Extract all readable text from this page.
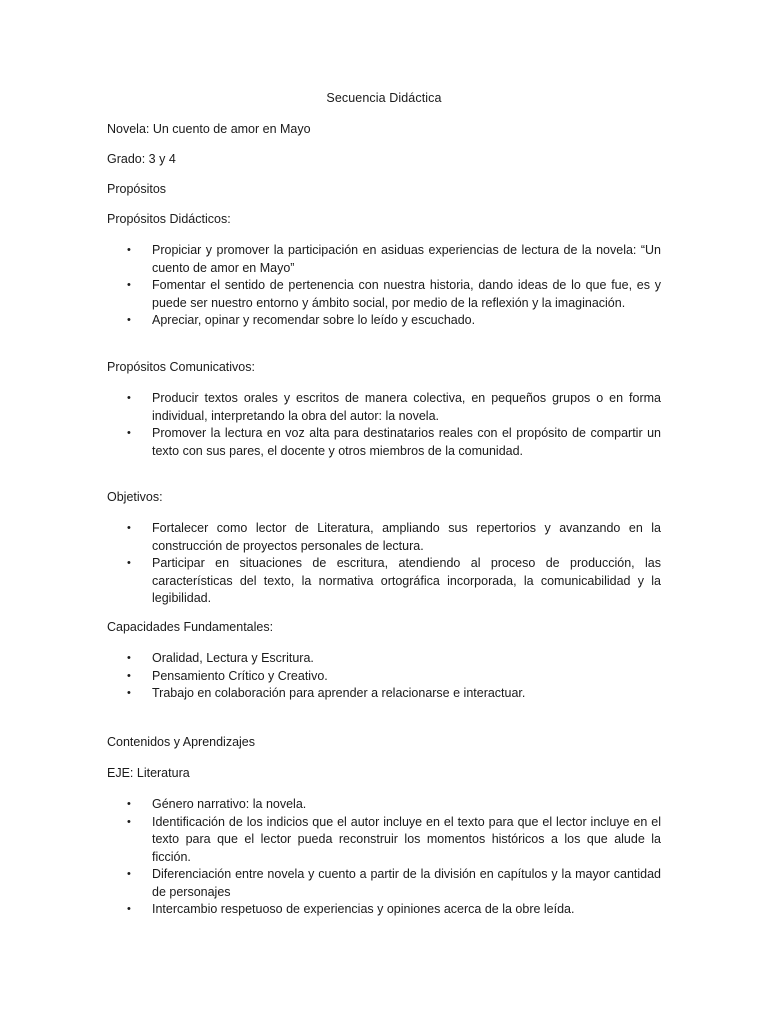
Secuencia Didáctica
Novela: Un cuento de amor en Mayo
Grado: 3 y 4
Propósitos
Propósitos Didácticos:
• Propiciar y promover la participación en asiduas experiencias de lectura de la novela: “Un cuento de amor en Mayo”
• Fomentar el sentido de pertenencia con nuestra historia, dando ideas de lo que fue, es y puede ser nuestro entorno y ámbito social, por medio de la reflexión y la imaginación.
• Apreciar, opinar y recomendar sobre lo leído y escuchado.
Propósitos Comunicativos:
• Producir textos orales y escritos de manera colectiva, en pequeños grupos o en forma individual, interpretando la obra del autor: la novela.
• Promover la lectura en voz alta para destinatarios reales con el propósito de compartir un texto con sus pares, el docente y otros miembros de la comunidad.
Objetivos:
• Fortalecer como lector de Literatura, ampliando sus repertorios y avanzando en la construcción de proyectos personales de lectura.
• Participar en situaciones de escritura, atendiendo al proceso de producción, las características del texto, la normativa ortográfica incorporada, la comunicabilidad y la legibilidad.
Capacidades Fundamentales:
• Oralidad, Lectura y Escritura.
• Pensamiento Crítico y Creativo.
• Trabajo en colaboración para aprender a relacionarse e interactuar.
Contenidos y Aprendizajes
EJE: Literatura
• Género narrativo: la novela.
• Identificación de los indicios que el autor incluye en el texto para que el lector incluye en el texto para que el lector pueda reconstruir los momentos históricos a los que alude la ficción.
• Diferenciación entre novela y cuento a partir de la división en capítulos y la mayor cantidad de personajes
• Intercambio respetuoso de experiencias y opiniones acerca de la obre leída.
